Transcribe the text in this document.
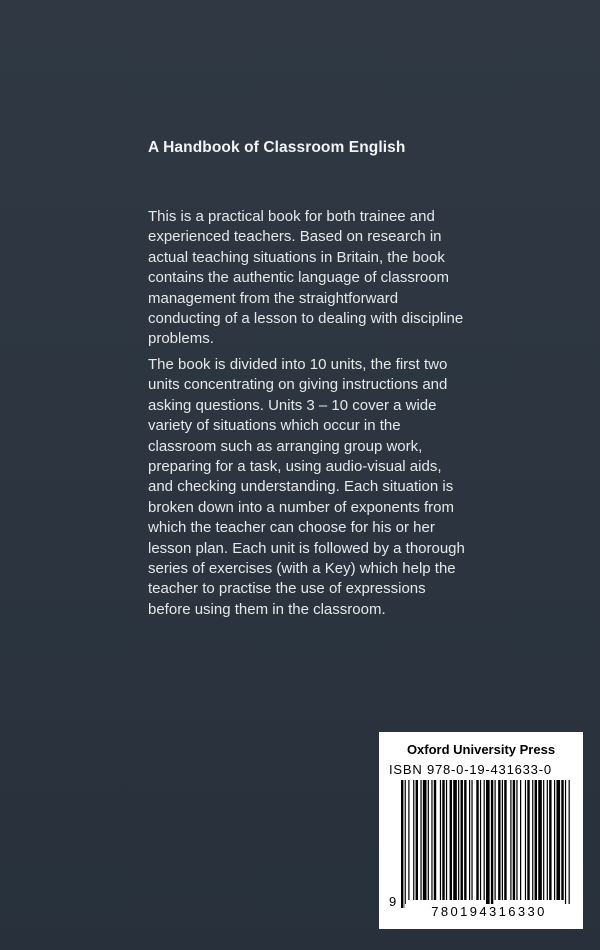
A Handbook of Classroom English

This is a practical book for both trainee and experienced teachers. Based on research in actual teaching situations in Britain, the book contains the authentic language of classroom management from the straightforward conducting of a lesson to dealing with discipline problems.

The book is divided into 10 units, the first two units concentrating on giving instructions and asking questions. Units 3 – 10 cover a wide variety of situations which occur in the classroom such as arranging group work, preparing for a task, using audio-visual aids, and checking understanding. Each situation is broken down into a number of exponents from which the teacher can choose for his or her lesson plan. Each unit is followed by a thorough series of exercises (with a Key) which help the teacher to practise the use of expressions before using them in the classroom.

Oxford University Press
ISBN 978-0-19-431633-0
9
780194316330
